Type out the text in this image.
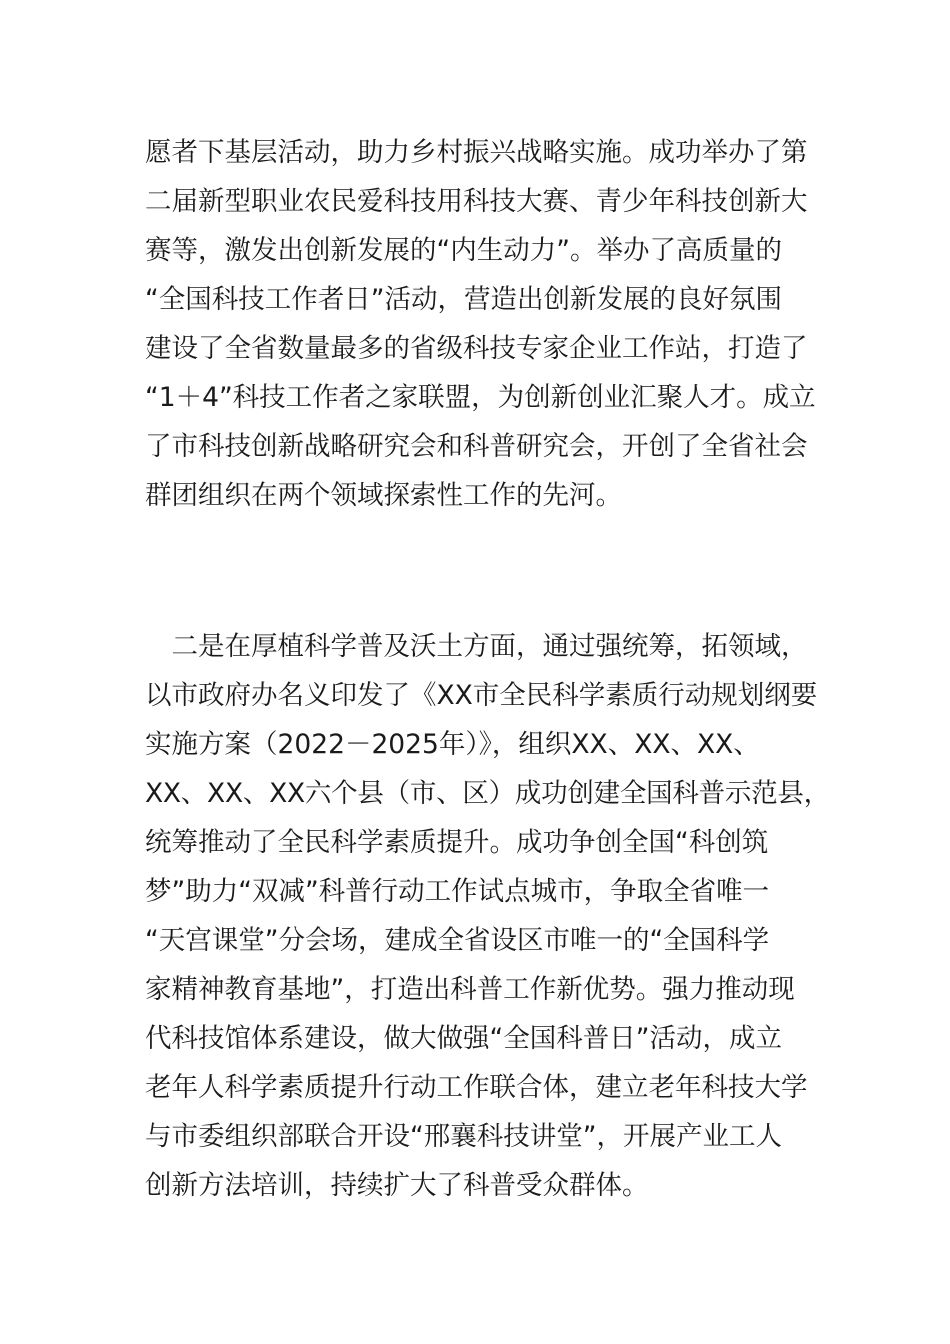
愿者下基层活动，助力乡村振兴战略实施。成功举办了第
二届新型职业农民爱科技用科技大赛、青少年科技创新大
赛等，激发出创新发展的“内生动力”。举办了高质量的
“全国科技工作者日”活动，营造出创新发展的良好氛围
建设了全省数量最多的省级科技专家企业工作站，打造了
“1＋4”科技工作者之家联盟，为创新创业汇聚人才。成立
了市科技创新战略研究会和科普研究会，开创了全省社会
群团组织在两个领域探索性工作的先河。
　二是在厚植科学普及沃土方面，通过强统筹，拓领域，
以市政府办名义印发了《XX市全民科学素质行动规划纲要
实施方案（2022－2025年）》，组织XX、XX、XX、
XX、XX、XX六个县（市、区）成功创建全国科普示范县，
统筹推动了全民科学素质提升。成功争创全国“科创筑
梦”助力“双减”科普行动工作试点城市，争取全省唯一
“天宫课堂”分会场，建成全省设区市唯一的“全国科学
家精神教育基地”，打造出科普工作新优势。强力推动现
代科技馆体系建设，做大做强“全国科普日”活动，成立
老年人科学素质提升行动工作联合体，建立老年科技大学
与市委组织部联合开设“邢襄科技讲堂”，开展产业工人
创新方法培训，持续扩大了科普受众群体。
